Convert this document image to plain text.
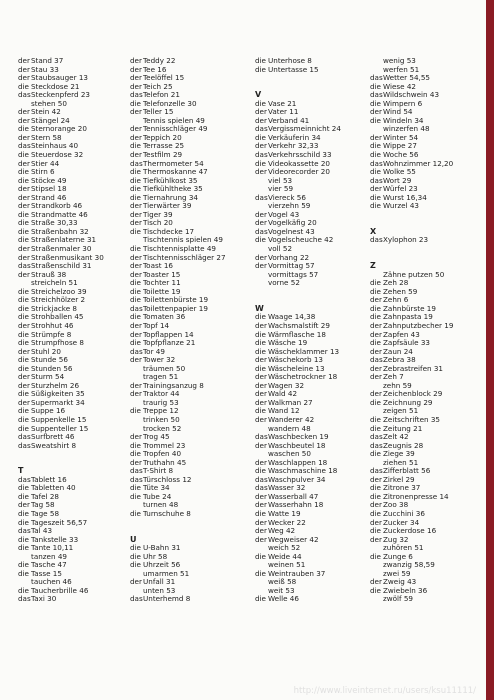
derStand 37
derStau 33
derStaubsauger 13
die Steckdose 21
dasSteckenpferd 23
stehen 50
derStein 42
derStängel 24
die Sternorange 20
derStern 58
dasSteinhaus 40
die Steuerdose 32
derStier 44
die Stirn 6
die Stöcke 49
derStipsel 18
derStrand 46
derStrandkorb 46
die Strandmatte 46
die Straße 30,33
die Straßenbahn 32
die Straßenlaterne 31
derStraßenmaler 30
derStraßenmusikant 30
dasStraßenschild 31
derStrauß 38
streicheln 51
die Streichelzoo 39
die Streichhölzer 2
die Strickjacke 8
die Strohballen 45
derStrohhut 46
die Strümpfe 8
die Strumpfhose 8
derStuhl 20
die Stunde 56
die Stunden 56
derSturm 54
derSturzhelm 26
die Süßigkeiten 35
derSupermarkt 34
die Suppe 16
die Suppenkelle 15
die Suppenteller 15
dasSurfbrett 46
dasSweatshirt 8
T
dasTablett 16
die Tabletten 40
die Tafel 28
derTag 58
die Tage 58
die Tageszeit 56,57
dasTal 43
die Tankstelle 33
die Tante 10,11
tanzen 49
die Tasche 47
die Tasse 15
tauchen 46
die Taucherbrille 46
dasTaxi 30
derTeddy 22
derTee 16
derTeelöffel 15
derTeich 25
dasTelefon 21
die Telefonzelle 30
derTeller 15
Tennis spielen 49
derTennisschläger 49
derTeppich 20
die Terrasse 25
derTestfilm 29
dasThermometer 54
die Thermoskanne 47
die Tiefkühlkost 35
die Tiefkühltheke 35
die Tiernahrung 34
derTierwärter 39
derTiger 39
derTisch 20
die Tischdecke 17
Tischtennis spielen 49
die Tischtennisplatte 49
derTischtennisschläger 27
derToast 16
derToaster 15
die Tochter 11
die Toilette 19
die Toilettenbürste 19
dasToilettenpapier 19
die Tomaten 36
derTopf 14
derTopflappen 14
die Topfpflanze 21
dasTor 49
derTower 32
träumen 50
tragen 51
derTrainingsanzug 8
derTraktor 44
traurig 53
die Treppe 12
trinken 50
trocken 52
derTrog 45
die Trommel 23
die Tropfen 40
derTruthahn 45
dasT-Shirt 8
dasTürschloss 12
die Tüte 34
die Tube 24
turnen 48
die Turnschuhe 8
U
die U-Bahn 31
die Uhr 58
die Uhrzeit 56
umarmen 51
derUnfall 31
unten 53
dasUnterhemd 8
die Unterhose 8
die Untertasse 15
V
die Vase 21
derVater 11
derVerband 41
dasVergissmeinnicht 24
die Verkäuferin 34
derVerkehr 32,33
dasVerkehrsschild 33
die Videokassette 20
derVideorecorder 20
viel 53
vier 59
dasViereck 56
vierzehn 59
derVogel 43
derVogelkäfig 20
dasVogelnest 43
die Vogelscheuche 42
voll 52
derVorhang 22
derVormittag 57
vormittags 57
vorne 52
W
die Waage 14,38
derWachsmalstift 29
die Wärmflasche 18
die Wäsche 19
die Wäscheklammer 13
derWäschekorb 13
die Wäscheleine 13
derWäschetrockner 18
derWagen 32
derWald 42
derWalkman 27
die Wand 12
derWanderer 42
wandern 48
dasWaschbecken 19
derWaschbeutel 18
waschen 50
derWaschlappen 18
die Waschmaschine 18
dasWaschpulver 34
dasWasser 32
derWasserball 47
derWasserhahn 18
die Watte 19
derWecker 22
derWeg 42
derWegweiser 42
weich 52
die Weide 44
weinen 51
die Weintrauben 37
weiß 58
weit 53
die Welle 46
wenig 53
werfen 51
dasWetter 54,55
die Wiese 42
dasWildschwein 43
die Wimpern 6
derWind 54
die Windeln 34
winzerfen 48
derWinter 54
die Wippe 27
die Woche 56
dasWohnzimmer 12,20
die Wolke 55
dasWort 29
derWürfel 23
die Wurst 16,34
die Wurzel 43
X
dasXylophon 23
Z
Zähne putzen 50
die Zeh 28
die Zehen 59
derZehn 6
die Zahnbürste 19
die Zahnpasta 19
derZahnputzbecher 19
derZapfen 43
die Zapfsäule 33
derZaun 24
dasZebra 38
derZebrastreifen 31
derZeh 7
zehn 59
derZeichenblock 29
die Zeichnung 29
zeigen 51
die Zeitschriften 35
die Zeitung 21
dasZelt 42
dasZeugnis 28
die Ziege 39
ziehen 51
dasZifferblatt 56
derZirkel 29
die Zitrone 37
die Zitronenpresse 14
derZoo 38
die Zucchini 36
derZucker 34
die Zuckerdose 16
derZug 32
zuhören 51
die Zunge 6
zwanzig 58,59
zwei 59
derZweig 43
die Zwiebeln 36
zwölf 59
http://www.liveinternet.ru/users/ksu11111/
